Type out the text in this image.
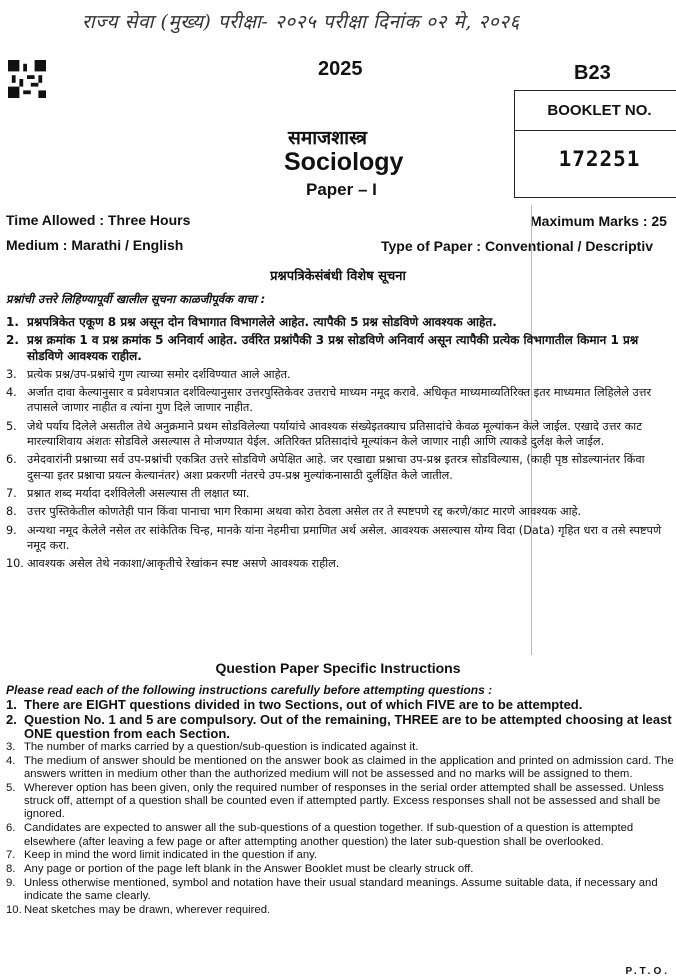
राज्य सेवा (मुख्य) परीक्षा- २०२५ परीक्षा दिनांक ०२ मे, २०२६
2025	B23
BOOKLET NO.
172251
समाजशास्त्र
Sociology
Paper – I
Time Allowed : Three Hours	Maximum Marks : 25
Medium : Marathi / English	Type of Paper : Conventional / Descriptiv
प्रश्नपत्रिकेसंबंधी विशेष सूचना
प्रश्नांची उत्तरे लिहिण्यापूर्वी खालील सूचना काळजीपूर्वक वाचा :
1. प्रश्नपत्रिकेत एकूण 8 प्रश्न असून दोन विभागात विभागलेले आहेत. त्यापैकी 5 प्रश्न सोडविणे आवश्यक आहेत.
2. प्रश्न क्रमांक 1 व प्रश्न क्रमांक 5 अनिवार्य आहेत. उर्वरित प्रश्नांपैकी 3 प्रश्न सोडविणे अनिवार्य असून त्यापैकी प्रत्येक विभागातील किमान 1 प्रश्न सोडविणे आवश्यक राहील.
3. प्रत्येक प्रश्न/उप-प्रश्नांचे गुण त्याच्या समोर दर्शविण्यात आले आहेत.
4. अर्जात दावा केल्यानुसार व प्रवेशपत्रात दर्शविल्यानुसार उत्तरपुस्तिकेवर उत्तराचे माध्यम नमूद करावे. अधिकृत माध्यमाव्यतिरिक्त इतर माध्यमात लिहिलेले उत्तर तपासले जाणार नाहीत व त्यांना गुण दिले जाणार नाहीत.
5. जेथे पर्याय दिलेले असतील तेथे अनुक्रमाने प्रथम सोडविलेल्या पर्यायांचे आवश्यक संख्येइतक्याच प्रतिसादांचे केवळ मूल्यांकन केले जाईल. एखादे उत्तर काट मारल्याशिवाय अंशतः सोडविले असल्यास ते मोजण्यात येईल. अतिरिक्त प्रतिसादांचे मूल्यांकन केले जाणार नाही आणि त्याकडे दुर्लक्ष केले जाईल.
6. उमेदवारांनी प्रश्नाच्या सर्व उप-प्रश्नांची एकत्रित उत्तरे सोडविणे अपेक्षित आहे. जर एखाद्या प्रश्नाचा उप-प्रश्न इतरत्र सोडविल्यास, (काही पृष्ठ सोडल्यानंतर किंवा दुसऱ्या इतर प्रश्नाचा प्रयत्न केल्यानंतर) अशा प्रकरणी नंतरचे उप-प्रश्न मुल्यांकनासाठी दुर्लक्षित केले जातील.
7. प्रश्नात शब्द मर्यादा दर्शविलेली असल्यास ती लक्षात घ्या.
8. उत्तर पुस्तिकेतील कोणतेही पान किंवा पानाचा भाग रिकामा अथवा कोरा ठेवला असेल तर ते स्पष्टपणे रद्द करणे/काट मारणे आवश्यक आहे.
9. अन्यथा नमूद केलेले नसेल तर सांकेतिक चिन्ह, मानके यांना नेहमीचा प्रमाणित अर्थ असेल. आवश्यक असल्यास योग्य विदा (Data) गृहित धरा व तसे स्पष्टपणे नमूद करा.
10. आवश्यक असेल तेथे नकाशा/आकृतीचे रेखांकन स्पष्ट असणे आवश्यक राहील.
Question Paper Specific Instructions
Please read each of the following instructions carefully before attempting questions :
1. There are EIGHT questions divided in two Sections, out of which FIVE are to be attempted.
2. Question No. 1 and 5 are compulsory. Out of the remaining, THREE are to be attempted choosing at least ONE question from each Section.
3. The number of marks carried by a question/sub-question is indicated against it.
4. The medium of answer should be mentioned on the answer book as claimed in the application and printed on admission card. The answers written in medium other than the authorized medium will not be assessed and no marks will be assigned to them.
5. Wherever option has been given, only the required number of responses in the serial order attempted shall be assessed. Unless struck off, attempt of a question shall be counted even if attempted partly. Excess responses shall not be assessed and shall be ignored.
6. Candidates are expected to answer all the sub-questions of a question together. If sub-question of a question is attempted elsewhere (after leaving a few page or after attempting another question) the later sub-question shall be overlooked.
7. Keep in mind the word limit indicated in the question if any.
8. Any page or portion of the page left blank in the Answer Booklet must be clearly struck off.
9. Unless otherwise mentioned, symbol and notation have their usual standard meanings. Assume suitable data, if necessary and indicate the same clearly.
10. Neat sketches may be drawn, wherever required.
P.T.O.
